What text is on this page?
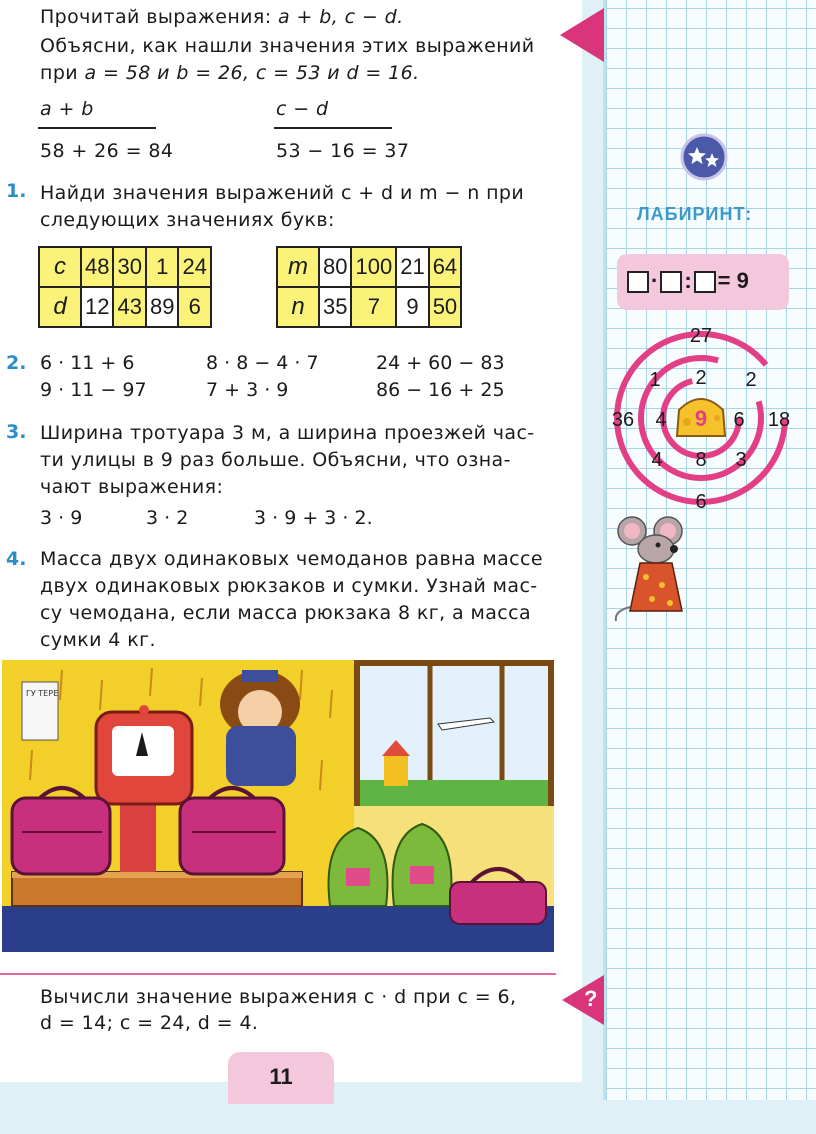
Прочитай выражения: a + b, c − d.
Объясни, как нашли значения этих выражений
при a = 58 и b = 26, c = 53 и d = 16.
a + b
58 + 26 = 84
c − d
53 − 16 = 37
1. Найди значения выражений c + d и m − n при
следующих значениях букв:
c	48	30	1	24
d	12	43	89	6
m	80	100	21	64
n	35	7	9	50
2. 6 · 11 + 6	8 · 8 − 4 · 7	24 + 60 − 83
9 · 11 − 97	7 + 3 · 9	86 − 16 + 25
3. Ширина тротуара 3 м, а ширина проезжей час-
ти улицы в 9 раз больше. Объясни, что озна-
чают выражения:
3 · 9	3 · 2	3 · 9 + 3 · 2.
4. Масса двух одинаковых чемоданов равна массе
двух одинаковых рюкзаков и сумки. Узнай мас-
су чемодана, если масса рюкзака 8 кг, а масса
сумки 4 кг.
ГУ ТЕРЕ
Вычисли значение выражения c · d при c = 6,
d = 14; c = 24, d = 4.
?
11
ЛАБИРИНТ:
· : = 9
27
1 2 2
36 4	6 18
4 8 3
6
9
